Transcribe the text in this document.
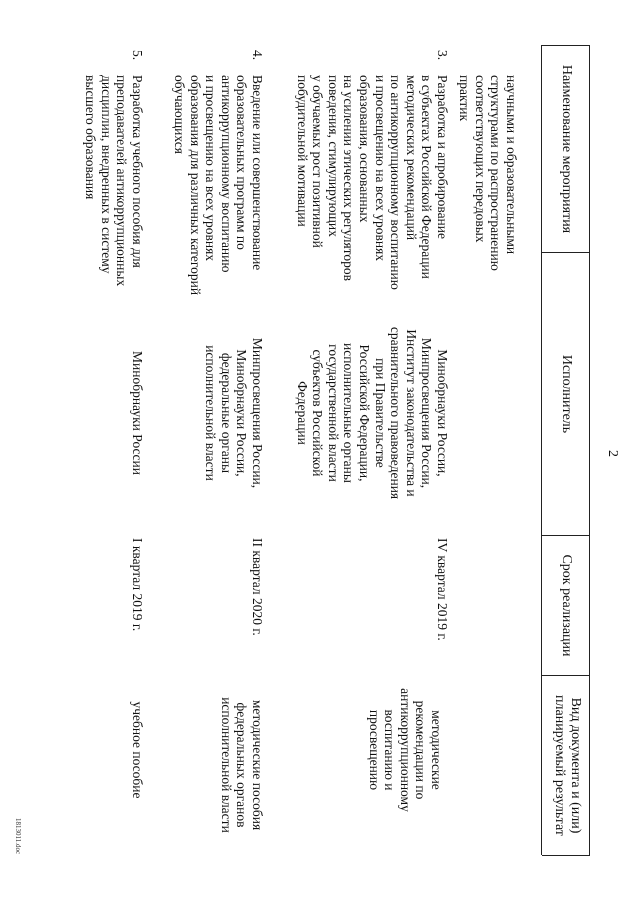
2
Наименование мероприятия
Исполнитель
Срок реализации
Вид документа и (или)
планируемый результат
научными и образовательными
структурами по распространению
соответствующих передовых практик
3.
Разработка и апробирование
в субъектах Российской Федерации
методических рекомендаций
по антикоррупционному воспитанию
и просвещению на всех уровнях
образования, основанных
на усилении этических регуляторов
поведения, стимулирующих
у обучаемых рост позитивной
побудительной мотивации
Минобрнауки России,
Минпросвещения России,
Институт законодательства и
сравнительного правоведения
при Правительстве
Российской Федерации,
исполнительные органы
государственной власти
субъектов Российской
Федерации
IV квартал 2019 г.
методические
рекомендации по
антикоррупционному
воспитанию и
просвещению
4.
Введение или совершенствование
образовательных программ по
антикоррупционному воспитанию
и просвещению на всех уровнях
образования для различных категорий
обучающихся
Минпросвещения России,
Минобрнауки России,
федеральные органы
исполнительной власти
II квартал 2020 г.
методические пособия
федеральных органов
исполнительной власти
5.
Разработка учебного пособия для
преподавателей антикоррупционных
дисциплин, внедренных в систему
высшего образования
Минобрнауки России
I квартал 2019 г.
учебное пособие
1813011.doc
